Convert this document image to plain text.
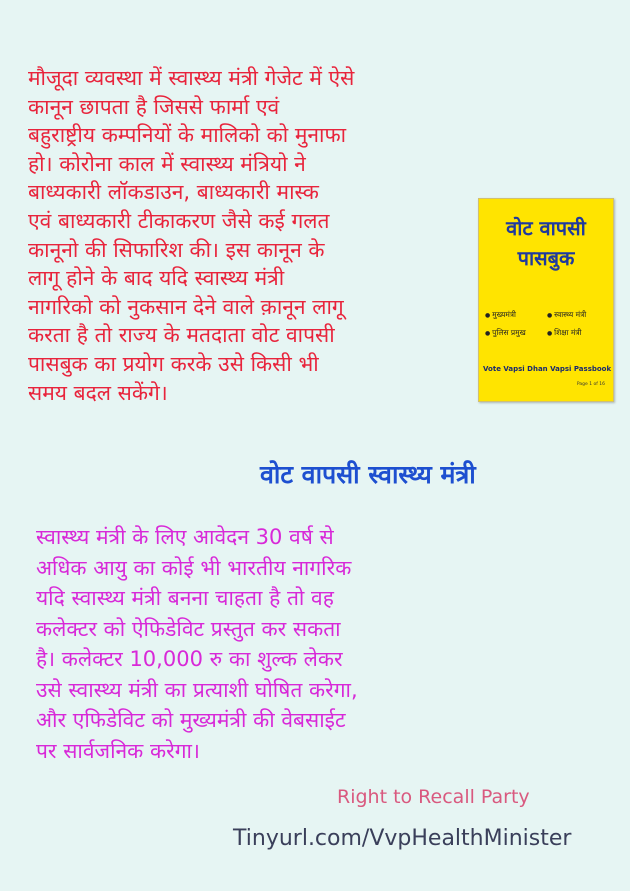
मौजूदा व्यवस्था में स्वास्थ्य मंत्री गेजेट में ऐसे
कानून छापता है जिससे फार्मा एवं
बहुराष्ट्रीय कम्पनियों के मालिको को मुनाफा
हो। कोरोना काल में स्वास्थ्य मंत्रियो ने
बाध्यकारी लॉकडाउन, बाध्यकारी मास्क
एवं बाध्यकारी टीकाकरण जैसे कई गलत
कानूनो की सिफारिश की। इस कानून के
लागू होने के बाद यदि स्वास्थ्य मंत्री
नागरिको को नुकसान देने वाले क़ानून लागू
करता है तो राज्य के मतदाता वोट वापसी
पासबुक का प्रयोग करके उसे किसी भी
समय बदल सकेंगे।

वोट वापसी
पासबुक
● मुख्यमंत्री	● स्वास्थ्य मंत्री
● पुलिस प्रमुख	● शिक्षा मंत्री
Vote Vapsi Dhan Vapsi Passbook
Page 1 of 16
वोट वापसी स्वास्थ्य मंत्री

स्वास्थ्य मंत्री के लिए आवेदन 30 वर्ष से
अधिक आयु का कोई भी भारतीय नागरिक
यदि स्वास्थ्य मंत्री बनना चाहता है तो वह
कलेक्टर को ऐफिडेविट प्रस्तुत कर सकता
है। कलेक्टर 10,000 रु का शुल्क लेकर
उसे स्वास्थ्य मंत्री का प्रत्याशी घोषित करेगा,
और एफिडेविट को मुख्यमंत्री की वेबसाईट
पर सार्वजनिक करेगा।

Right to Recall Party

Tinyurl.com/VvpHealthMinister
